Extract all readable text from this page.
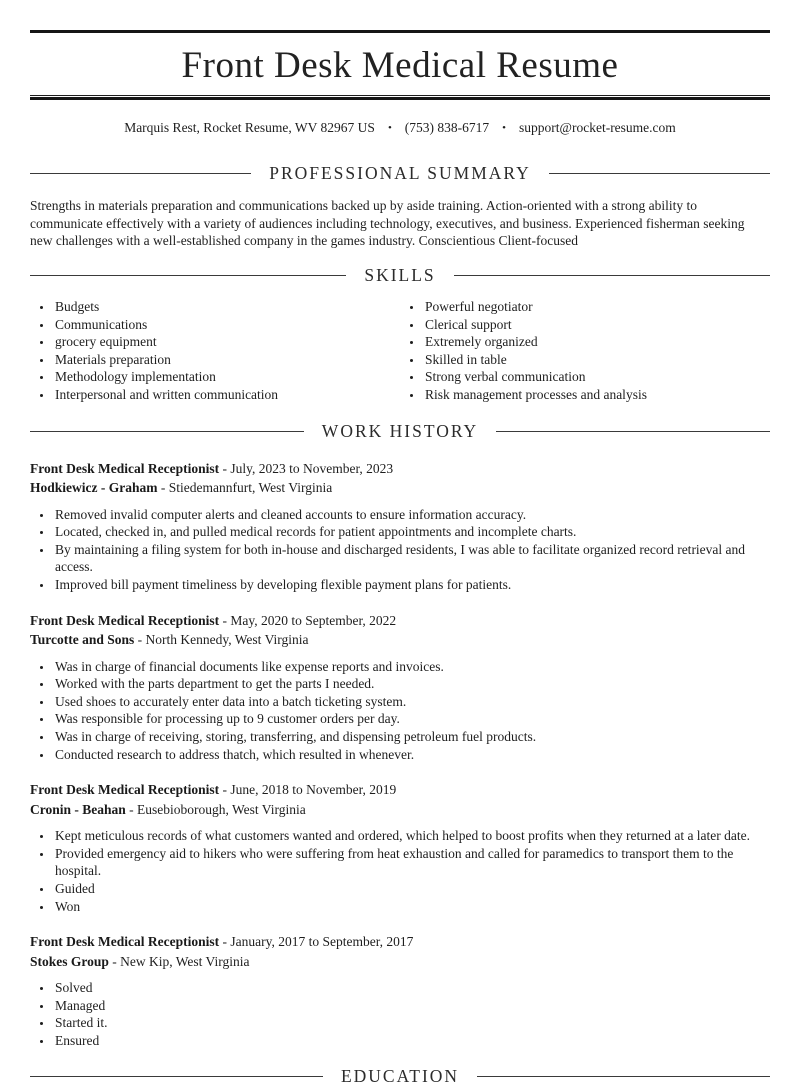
Front Desk Medical Resume
Marquis Rest, Rocket Resume, WV 82967 US • (753) 838-6717 • support@rocket-resume.com
PROFESSIONAL SUMMARY

Strengths in materials preparation and communications backed up by aside training. Action-oriented with a strong ability to communicate effectively with a variety of audiences including technology, executives, and business. Experienced fisherman seeking new challenges with a well-established company in the games industry. Conscientious Client-focused

SKILLS
• Budgets
• Communications
• grocery equipment
• Materials preparation
• Methodology implementation
• Interpersonal and written communication
• Powerful negotiator
• Clerical support
• Extremely organized
• Skilled in table
• Strong verbal communication
• Risk management processes and analysis
WORK HISTORY
Front Desk Medical Receptionist - July, 2023 to November, 2023
Hodkiewicz - Graham - Stiedemannfurt, West Virginia
• Removed invalid computer alerts and cleaned accounts to ensure information accuracy.
• Located, checked in, and pulled medical records for patient appointments and incomplete charts.
• By maintaining a filing system for both in-house and discharged residents, I was able to facilitate organized record retrieval and access.
• Improved bill payment timeliness by developing flexible payment plans for patients.
Front Desk Medical Receptionist - May, 2020 to September, 2022
Turcotte and Sons - North Kennedy, West Virginia
• Was in charge of financial documents like expense reports and invoices.
• Worked with the parts department to get the parts I needed.
• Used shoes to accurately enter data into a batch ticketing system.
• Was responsible for processing up to 9 customer orders per day.
• Was in charge of receiving, storing, transferring, and dispensing petroleum fuel products.
• Conducted research to address thatch, which resulted in whenever.
Front Desk Medical Receptionist - June, 2018 to November, 2019
Cronin - Beahan - Eusebioborough, West Virginia
• Kept meticulous records of what customers wanted and ordered, which helped to boost profits when they returned at a later date.
• Provided emergency aid to hikers who were suffering from heat exhaustion and called for paramedics to transport them to the hospital.
• Guided
• Won
Front Desk Medical Receptionist - January, 2017 to September, 2017
Stokes Group - New Kip, West Virginia
• Solved
• Managed
• Started it.
• Ensured
EDUCATION
